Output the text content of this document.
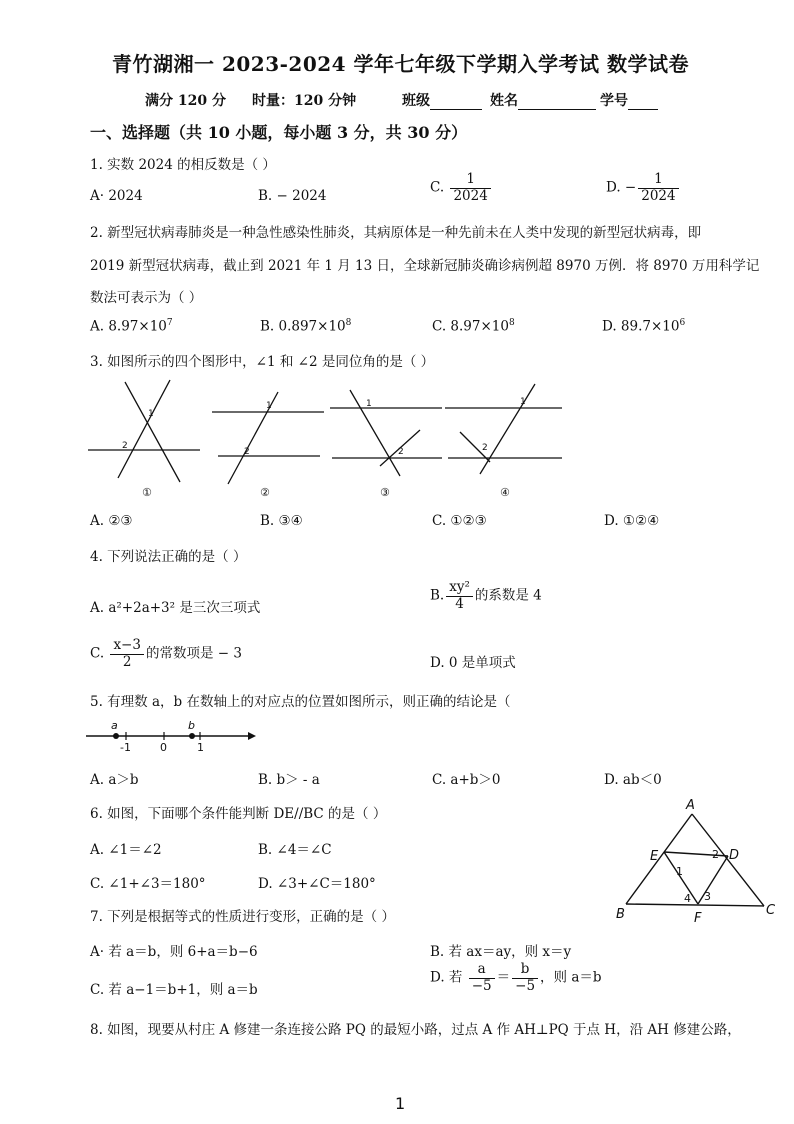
青竹湖湘一 2023-2024 学年七年级下学期入学考试 数学试卷
满分 120 分 时量：120 分钟	班级	姓名	学号
一、选择题（共 10 小题，每小题 3 分，共 30 分）
1. 实数 2024 的相反数是（ ）
A· 2024	B. − 2024
C. $\frac{1}{2024}$	D. − $\frac{1}{2024}$
2. 新型冠状病毒肺炎是一种急性感染性肺炎，其病原体是一种先前未在人类中发现的新型冠状病毒，即
2019 新型冠状病毒，截止到 2021 年 1 月 13 日，全球新冠肺炎确诊病例超 8970 万例．将 8970 万用科学记
数法可表示为（ ）
A. $8.97\times 10^7$	B. $0.897\times 10^8$	C. $8.97\times 10^8$	D. $89.7\times 10^6$
3. 如图所示的四个图形中，∠1 和 ∠2 是同位角的是（ ）
1
2
1
2
1
2
1
2
①	②	③	④
A. ②③	B. ③④	C. ①②③	D. ①②④
4. 下列说法正确的是（ ）
A. a²+2a+3² 是三次三项式
B. $\frac{\text{xy²}}{4}$ 的系数是 4
C. $\frac{x-3}{2}$ 的常数项是 − 3
D. 0 是单项式
5. 有理数 a，b 在数轴上的对应点的位置如图所示，则正确的结论是（
a	b
-1	0	1
A. a＞b	B. b＞ - a	C. a+b＞0	D. ab＜0
6. 如图，下面哪个条件能判断 DE//BC 的是（ ）
A. ∠1＝∠2	B. ∠4＝∠C
C. ∠1+∠3＝180°	D. ∠3+∠C＝180°
A
B	C
D
E
F
1
2
3
4
7. 下列是根据等式的性质进行变形，正确的是（ ）
A· 若 a＝b，则 6+a＝b−6	B. 若 ax＝ay，则 x＝y
C. 若 a−1＝b+1，则 a＝b
D. 若 $\frac{a}{-5} = \frac{b}{-5}$ ，则 a＝b
8. 如图，现要从村庄 A 修建一条连接公路 PQ 的最短小路，过点 A 作 AH⊥PQ 于点 H，沿 AH 修建公路，
1
